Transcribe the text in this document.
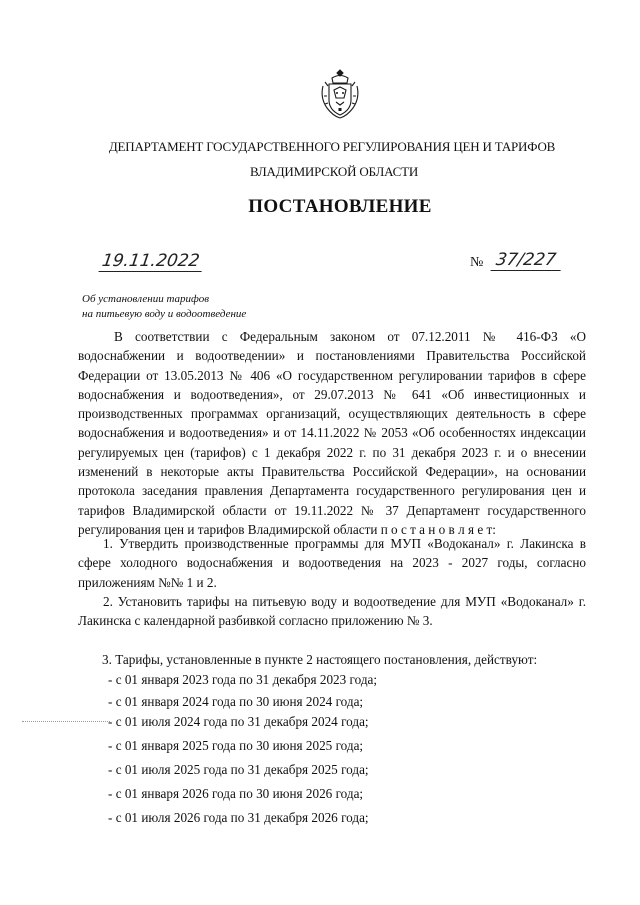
ДЕПАРТАМЕНТ ГОСУДАРСТВЕННОГО РЕГУЛИРОВАНИЯ ЦЕН И ТАРИФОВ
ВЛАДИМИРСКОЙ ОБЛАСТИ
ПОСТАНОВЛЕНИЕ
19.11.2022	№ 37/227
Об установлении тарифов
на питьевую воду и водоотведение
В соответствии с Федеральным законом от 07.12.2011 № 416-ФЗ «О водоснабжении и водоотведении» и постановлениями Правительства Российской Федерации от 13.05.2013 № 406 «О государственном регулировании тарифов в сфере водоснабжения и водоотведения», от 29.07.2013 № 641 «Об инвестиционных и производственных программах организаций, осуществляющих деятельность в сфере водоснабжения и водоотведения» и от 14.11.2022 № 2053 «Об особенностях индексации регулируемых цен (тарифов) с 1 декабря 2022 г. по 31 декабря 2023 г. и о внесении изменений в некоторые акты Правительства Российской Федерации», на основании протокола заседания правления Департамента государственного регулирования цен и тарифов Владимирской области от 19.11.2022 № 37 Департамент государственного регулирования цен и тарифов Владимирской области п о с т а н о в л я е т:
1. Утвердить производственные программы для МУП «Водоканал» г. Лакинска в сфере холодного водоснабжения и водоотведения на 2023 - 2027 годы, согласно приложениям №№ 1 и 2.
2. Установить тарифы на питьевую воду и водоотведение для МУП «Водоканал» г. Лакинска с календарной разбивкой согласно приложению № 3.
3. Тарифы, установленные в пункте 2 настоящего постановления, действуют:
- с 01 января 2023 года по 31 декабря 2023 года;
- с 01 января 2024 года по 30 июня 2024 года;
- с 01 июля 2024 года по 31 декабря 2024 года;
- с 01 января 2025 года по 30 июня 2025 года;
- с 01 июля 2025 года по 31 декабря 2025 года;
- с 01 января 2026 года по 30 июня 2026 года;
- с 01 июля 2026 года по 31 декабря 2026 года;
